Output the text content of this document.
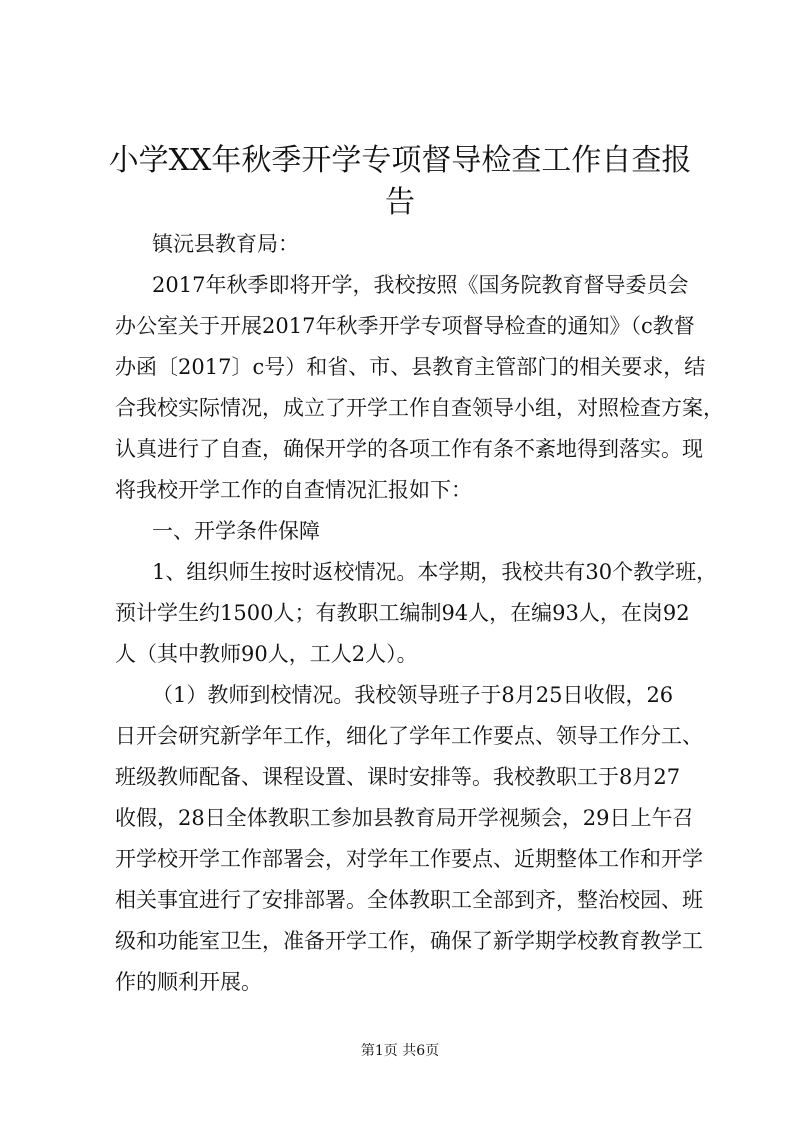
小学XX年秋季开学专项督导检查工作自查报
告

镇沅县教育局：

2017年秋季即将开学，我校按照《国务院教育督导委员会

办公室关于开展2017年秋季开学专项督导检查的通知》（c教督

办函〔2017〕c号）和省、市、县教育主管部门的相关要求，结

合我校实际情况，成立了开学工作自查领导小组，对照检查方案，

认真进行了自查，确保开学的各项工作有条不紊地得到落实。现

将我校开学工作的自查情况汇报如下：

一、开学条件保障

1、组织师生按时返校情况。本学期，我校共有30个教学班，

预计学生约1500人；有教职工编制94人，在编93人，在岗92

人（其中教师90人，工人2人）。

（1）教师到校情况。我校领导班子于8月25日收假，26

日开会研究新学年工作，细化了学年工作要点、领导工作分工、

班级教师配备、课程设置、课时安排等。我校教职工于8月27

收假，28日全体教职工参加县教育局开学视频会，29日上午召

开学校开学工作部署会，对学年工作要点、近期整体工作和开学

相关事宜进行了安排部署。全体教职工全部到齐，整治校园、班

级和功能室卫生，准备开学工作，确保了新学期学校教育教学工

作的顺利开展。

第1页 共6页
